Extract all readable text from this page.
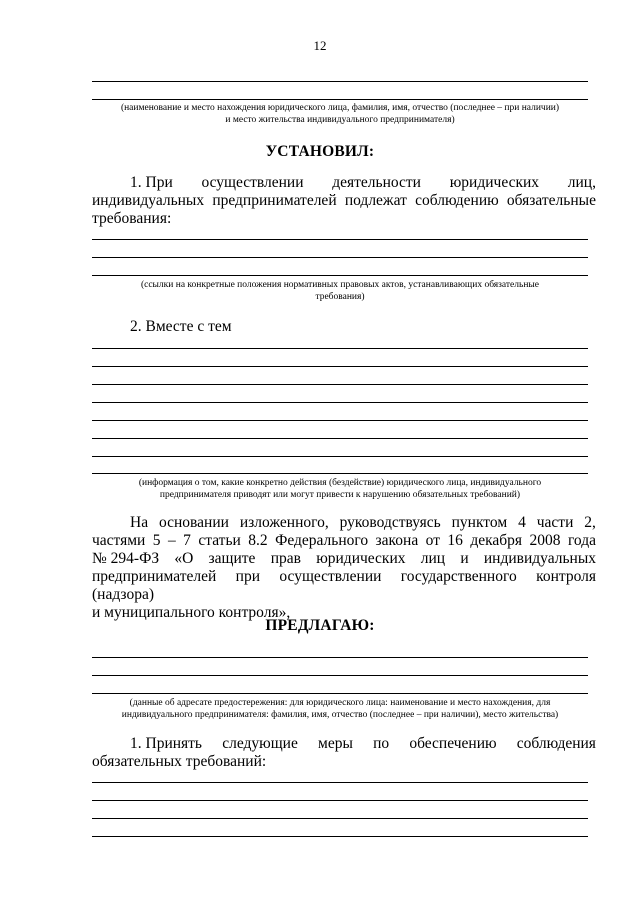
12
(наименование и место нахождения юридического лица, фамилия, имя, отчество (последнее – при наличии)
и место жительства индивидуального предпринимателя)
УСТАНОВИЛ:
1. При осуществлении деятельности юридических лиц,
индивидуальных предпринимателей подлежат соблюдению обязательные
требования:
(ссылки на конкретные положения нормативных правовых актов, устанавливающих обязательные
требования)
2. Вместе с тем
(информация о том, какие конкретно действия (бездействие) юридического лица, индивидуального
предпринимателя приводят или могут привести к нарушению обязательных требований)
На основании изложенного, руководствуясь пунктом 4 части 2,
частями 5 – 7 статьи 8.2 Федерального закона от 16 декабря 2008 года
№ 294-ФЗ «О защите прав юридических лиц и индивидуальных
предпринимателей при осуществлении государственного контроля (надзора)
и муниципального контроля»,
ПРЕДЛАГАЮ:
(данные об адресате предостережения: для юридического лица: наименование и место нахождения, для
индивидуального предпринимателя: фамилия, имя, отчество (последнее – при наличии), место жительства)
1. Принять следующие меры по обеспечению соблюдения
обязательных требований:
